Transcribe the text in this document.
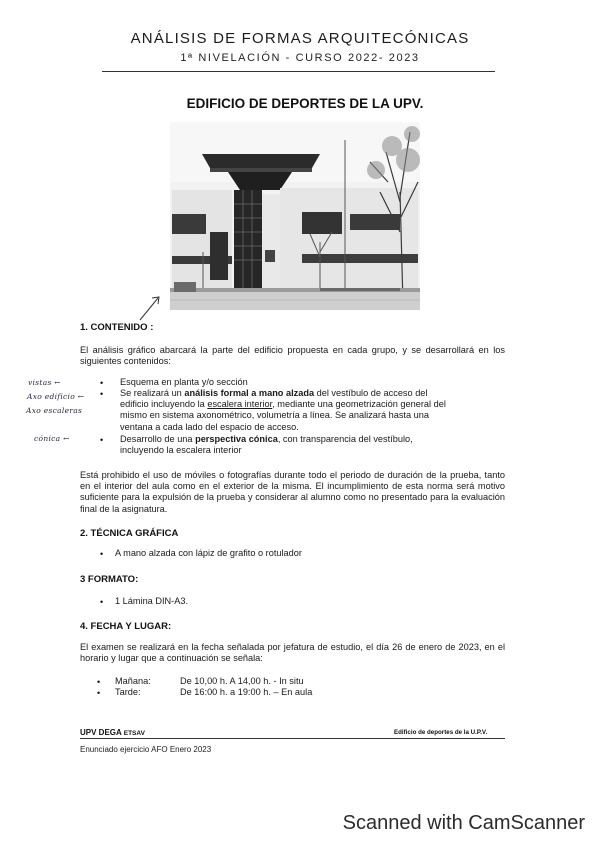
ANÁLISIS DE FORMAS ARQUITECÓNICAS
1ª NIVELACIÓN - CURSO 2022- 2023
EDIFICIO DE DEPORTES DE LA UPV.
1. CONTENIDO :

El análisis gráfico abarcará la parte del edificio propuesta en cada grupo, y se desarrollará en los siguientes contenidos:

vistas ←
Axo edificio ←
Axo escaleras
cónica ←
• Esquema en planta y/o sección
• Se realizará un análisis formal a mano alzada del vestíbulo de acceso del
edificio incluyendo la escalera interior, mediante una geometrización general del
mismo en sistema axonométrico, volumetría a línea. Se analizará hasta una
ventana a cada lado del espacio de acceso.
• Desarrollo de una perspectiva cónica, con transparencia del vestíbulo,
incluyendo la escalera interior

Está prohibido el uso de móviles o fotografías durante todo el periodo de duración de la prueba, tanto en el interior del aula como en el exterior de la misma. El incumplimiento de esta norma será motivo suficiente para la expulsión de la prueba y considerar al alumno como no presentado para la evaluación final de la asignatura.

2. TÉCNICA GRÁFICA
• A mano alzada con lápiz de grafito o rotulador
3 FORMATO:
• 1 Lámina DIN-A3.
4. FECHA Y LUGAR:

El examen se realizará en la fecha señalada por jefatura de estudio, el día 26 de enero de 2023, en el horario y lugar que a continuación se señala:

• Mañana:	De 10,00 h. A 14,00 h. - In situ
• Tarde:	De 16:00 h. a 19:00 h. – En aula
UPV DEGA ETSAV	Edificio de deportes de la U.P.V.
Enunciado ejercicio AFO Enero 2023
Scanned with CamScanner
